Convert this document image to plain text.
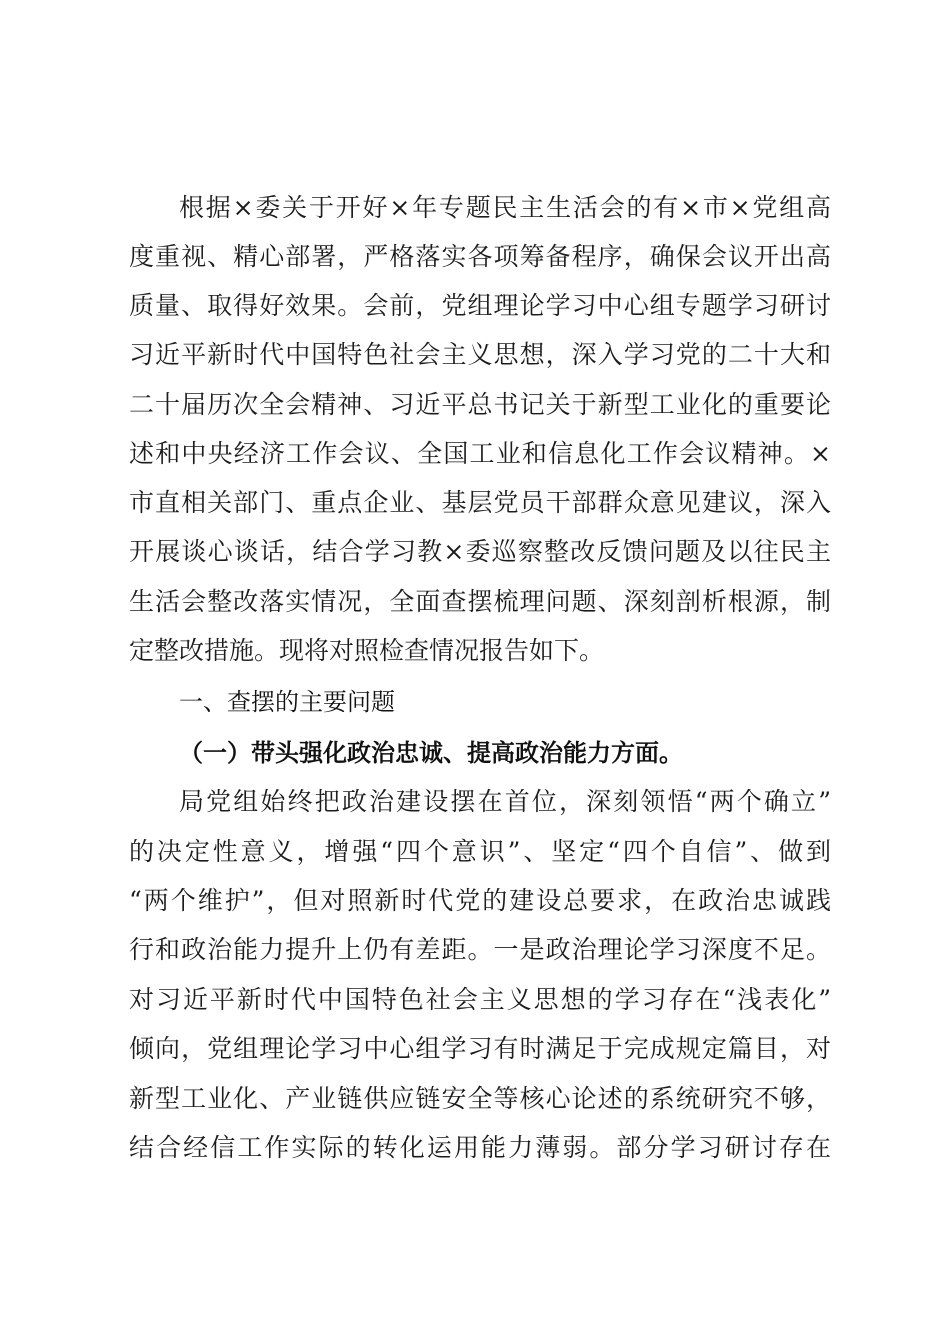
根据×委关于开好×年专题民主生活会的有×市×党组高
度重视、精心部署，严格落实各项筹备程序，确保会议开出高
质量、取得好效果。会前，党组理论学习中心组专题学习研讨
习近平新时代中国特色社会主义思想，深入学习党的二十大和
二十届历次全会精神、习近平总书记关于新型工业化的重要论
述和中央经济工作会议、全国工业和信息化工作会议精神。×
市直相关部门、重点企业、基层党员干部群众意见建议，深入
开展谈心谈话，结合学习教×委巡察整改反馈问题及以往民主
生活会整改落实情况，全面查摆梳理问题、深刻剖析根源，制
定整改措施。现将对照检查情况报告如下。
一、查摆的主要问题
（一）带头强化政治忠诚、提高政治能力方面。
局党组始终把政治建设摆在首位，深刻领悟“两个确立”
的决定性意义，增强“四个意识”、坚定“四个自信”、做到
“两个维护”，但对照新时代党的建设总要求，在政治忠诚践
行和政治能力提升上仍有差距。一是政治理论学习深度不足。
对习近平新时代中国特色社会主义思想的学习存在“浅表化”
倾向，党组理论学习中心组学习有时满足于完成规定篇目，对
新型工业化、产业链供应链安全等核心论述的系统研究不够，
结合经信工作实际的转化运用能力薄弱。部分学习研讨存在
